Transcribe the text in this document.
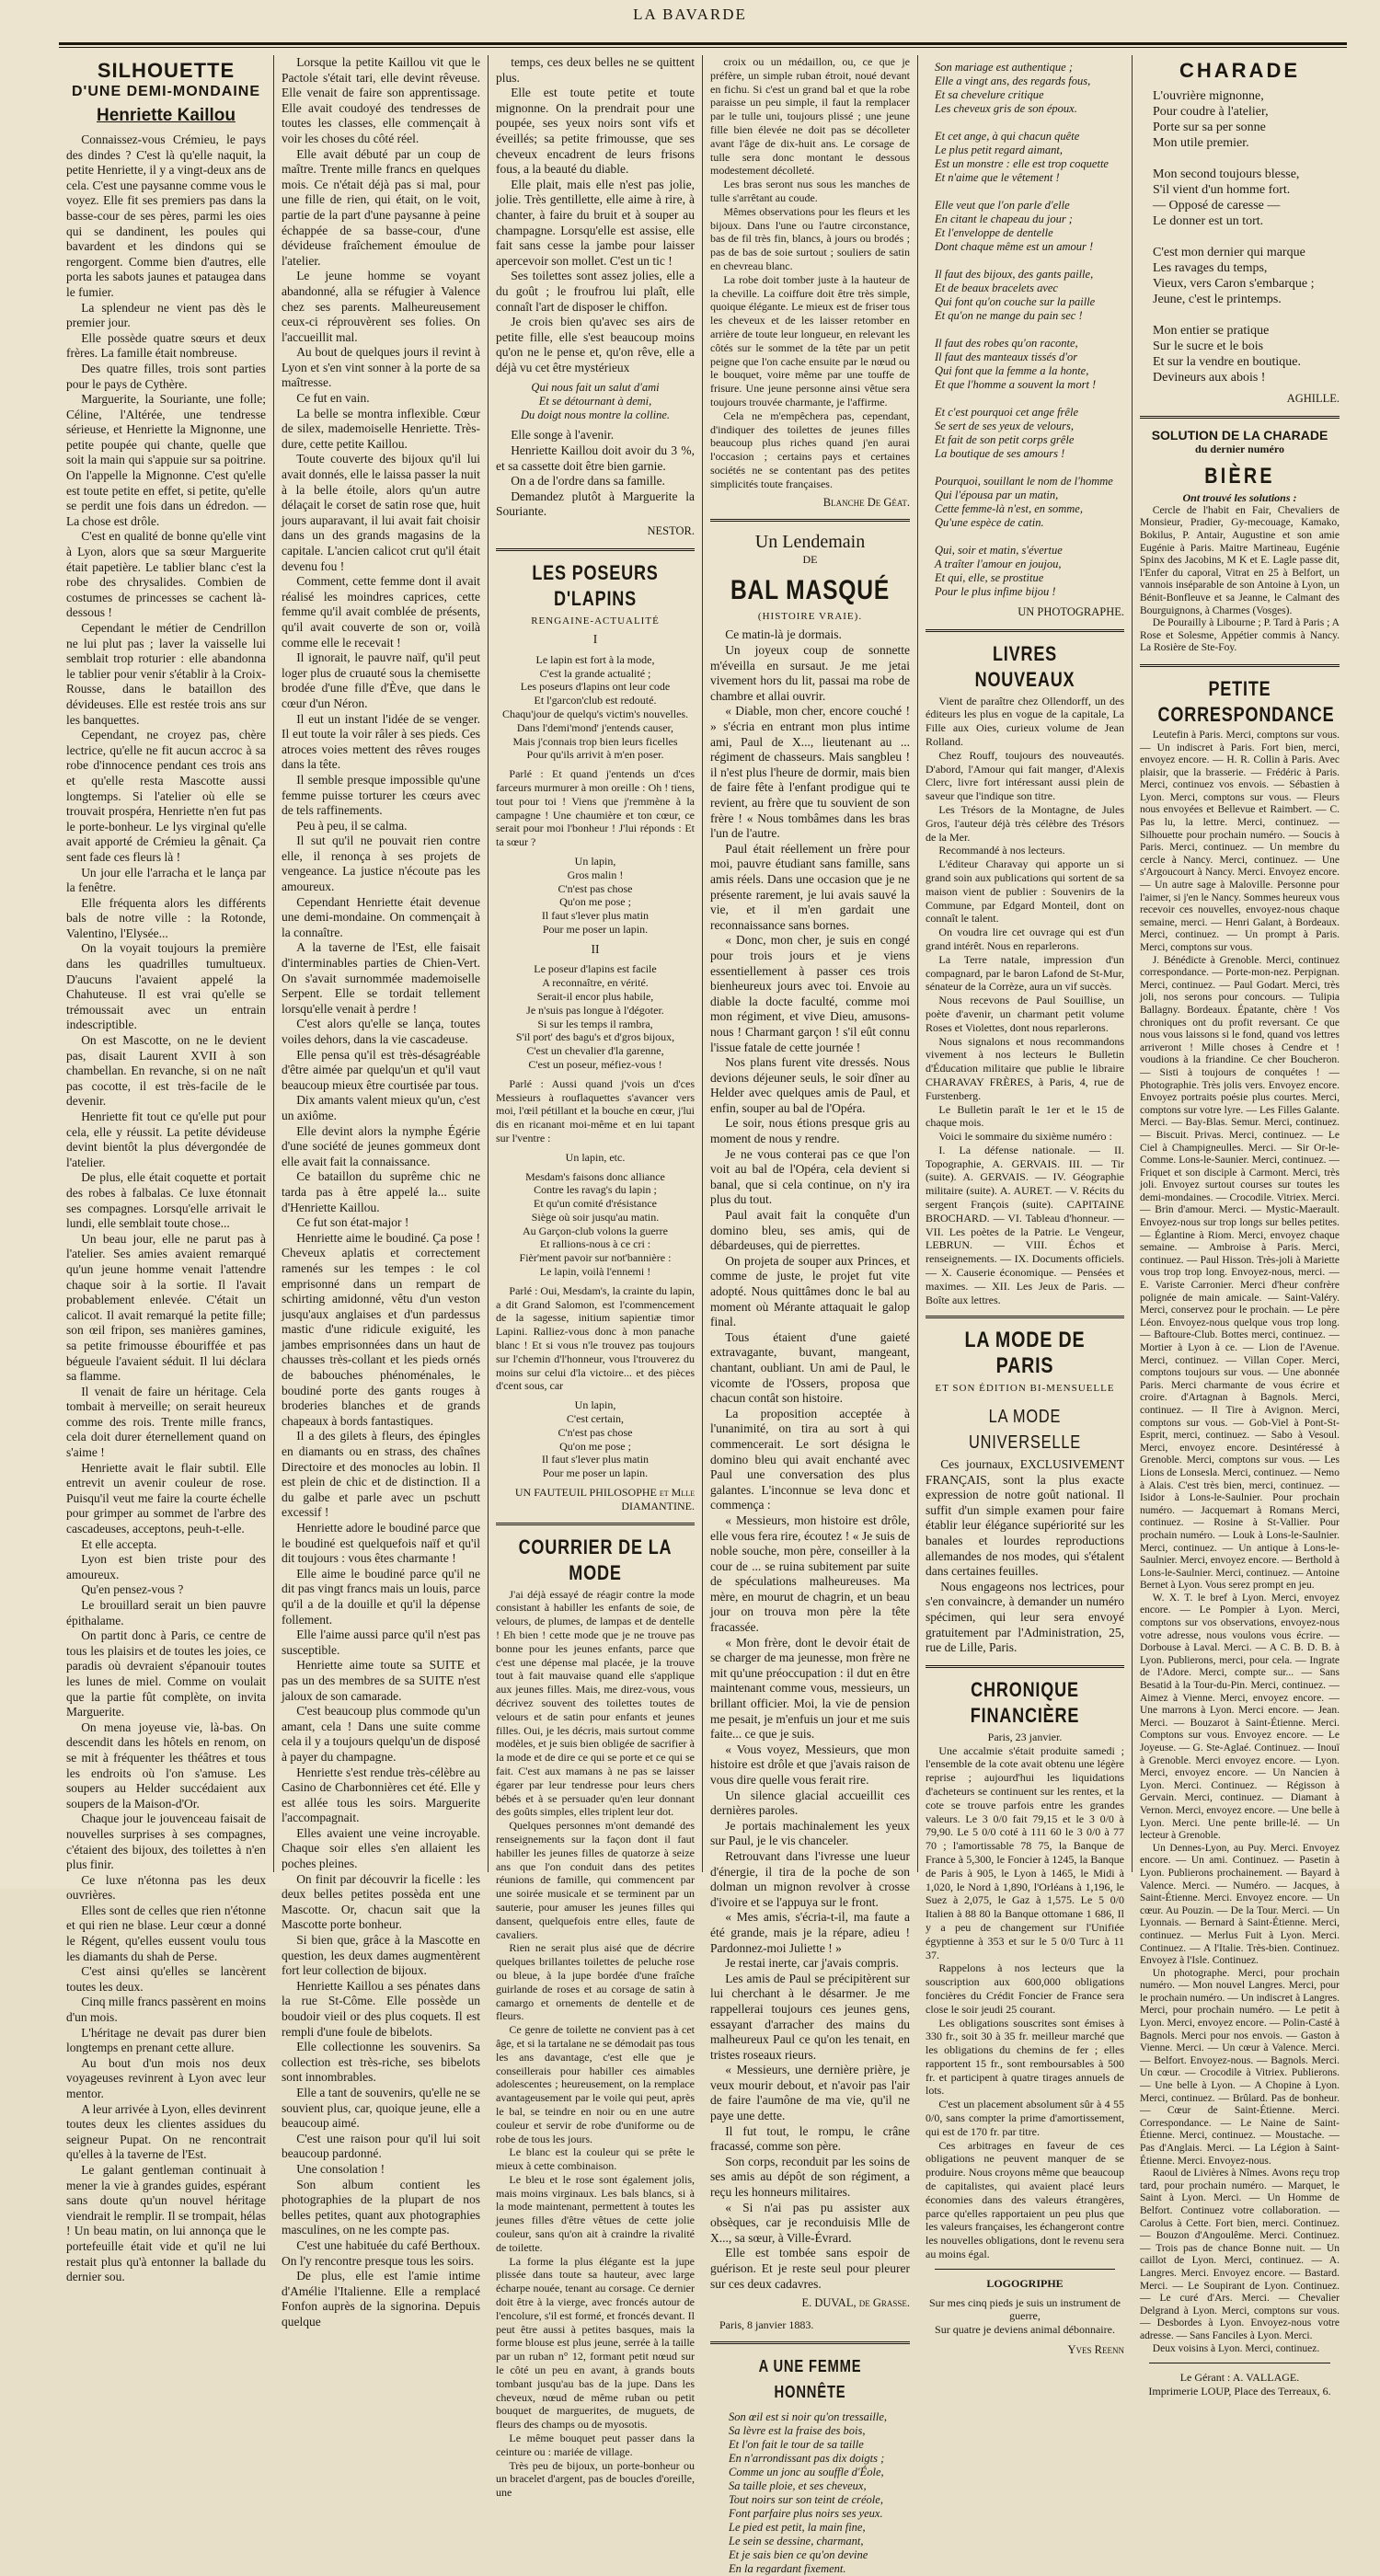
LA BAVARDE
SILHOUETTE
D'UNE DEMI-MONDAINE
Henriette Kaillou

Connaissez-vous Crémieu, le pays des dindes ? C'est là qu'elle naquit, la petite Henriette, il y a vingt-deux ans de cela. C'est une paysanne comme vous le voyez. Elle fit ses premiers pas dans la basse-cour de ses pères, parmi les oies qui se dandinent, les poules qui bavardent et les dindons qui se rengorgent. Comme bien d'autres, elle porta les sabots jaunes et pataugea dans le fumier.

La splendeur ne vient pas dès le premier jour.

Elle possède quatre sœurs et deux frères. La famille était nombreuse.

Des quatre filles, trois sont parties pour le pays de Cythère.

Marguerite, la Souriante, une folle; Céline, l'Altérée, une tendresse sérieuse, et Henriette la Mignonne, une petite poupée qui chante, quelle que soit la main qui s'appuie sur sa poitrine. On l'appelle la Mignonne. C'est qu'elle est toute petite en effet, si petite, qu'elle se perdit une fois dans un édredon. — La chose est drôle.

C'est en qualité de bonne qu'elle vint à Lyon, alors que sa sœur Marguerite était papetière. Le tablier blanc c'est la robe des chrysalides. Combien de costumes de princesses se cachent là-dessous !

Cependant le métier de Cendrillon ne lui plut pas ; laver la vaisselle lui semblait trop roturier : elle abandonna le tablier pour venir s'établir à la Croix-Rousse, dans le bataillon des dévideuses. Elle est restée trois ans sur les banquettes.

Cependant, ne croyez pas, chère lectrice, qu'elle ne fit aucun accroc à sa robe d'innocence pendant ces trois ans et qu'elle resta Mascotte aussi longtemps. Si l'atelier où elle se trouvait prospéra, Henriette n'en fut pas le porte-bonheur. Le lys virginal qu'elle avait apporté de Crémieu la gênait. Ça sent fade ces fleurs là !

Un jour elle l'arracha et le lança par la fenêtre.

Elle fréquenta alors les différents bals de notre ville : la Rotonde, Valentino, l'Elysée...

On la voyait toujours la première dans les quadrilles tumultueux. D'aucuns l'avaient appelé la Chahuteuse. Il est vrai qu'elle se trémoussait avec un entrain indescriptible.

On est Mascotte, on ne le devient pas, disait Laurent XVII à son chambellan. En revanche, si on ne naît pas cocotte, il est très-facile de le devenir.

Henriette fit tout ce qu'elle put pour cela, elle y réussit. La petite dévideuse devint bientôt la plus dévergondée de l'atelier.

De plus, elle était coquette et portait des robes à falbalas. Ce luxe étonnait ses compagnes. Lorsqu'elle arrivait le lundi, elle semblait toute chose...

Un beau jour, elle ne parut pas à l'atelier. Ses amies avaient remarqué qu'un jeune homme venait l'attendre chaque soir à la sortie. Il l'avait probablement enlevée. C'était un calicot. Il avait remarqué la petite fille; son œil fripon, ses manières gamines, sa petite frimousse ébouriffée et pas bégueule l'avaient séduit. Il lui déclara sa flamme.

Il venait de faire un héritage. Cela tombait à merveille; on serait heureux comme des rois. Trente mille francs, cela doit durer éternellement quand on s'aime !

Henriette avait le flair subtil. Elle entrevit un avenir couleur de rose. Puisqu'il veut me faire la courte échelle pour grimper au sommet de l'arbre des cascadeuses, acceptons, peuh-t-elle.

Et elle accepta.

Lyon est bien triste pour des amoureux.

Qu'en pensez-vous ?

Le brouillard serait un bien pauvre épithalame.

On partit donc à Paris, ce centre de tous les plaisirs et de toutes les joies, ce paradis où devraient s'épanouir toutes les lunes de miel. Comme on voulait que la partie fût complète, on invita Marguerite.

On mena joyeuse vie, là-bas. On descendit dans les hôtels en renom, on se mit à fréquenter les théâtres et tous les endroits où l'on s'amuse. Les soupers au Helder succédaient aux soupers de la Maison-d'Or.

Chaque jour le jouvenceau faisait de nouvelles surprises à ses compagnes, c'étaient des bijoux, des toilettes à n'en plus finir.

Ce luxe n'étonna pas les deux ouvrières.

Elles sont de celles que rien n'étonne et qui rien ne blase. Leur cœur a donné le Régent, qu'elles eussent voulu tous les diamants du shah de Perse.

C'est ainsi qu'elles se lancèrent toutes les deux.

Cinq mille francs passèrent en moins d'un mois.

L'héritage ne devait pas durer bien longtemps en prenant cette allure.

Au bout d'un mois nos deux voyageuses revinrent à Lyon avec leur mentor.

A leur arrivée à Lyon, elles devinrent toutes deux les clientes assidues du seigneur Pupat. On ne rencontrait qu'elles à la taverne de l'Est.

Le galant gentleman continuait à mener la vie à grandes guides, espérant sans doute qu'un nouvel héritage viendrait le remplir. Il se trompait, hélas ! Un beau matin, on lui annonça que le portefeuille était vide et qu'il ne lui restait plus qu'à entonner la ballade du dernier sou.

Lorsque la petite Kaillou vit que le Pactole s'était tari, elle devint rêveuse. Elle venait de faire son apprentissage. Elle avait coudoyé des tendresses de toutes les classes, elle commençait à voir les choses du côté réel.

Elle avait débuté par un coup de maître. Trente mille francs en quelques mois. Ce n'était déjà pas si mal, pour une fille de rien, qui était, on le voit, partie de la part d'une paysanne à peine échappée de sa basse-cour, d'une dévideuse fraîchement émoulue de l'atelier.

Le jeune homme se voyant abandonné, alla se réfugier à Valence chez ses parents. Malheureusement ceux-ci réprouvèrent ses folies. On l'accueillit mal.

Au bout de quelques jours il revint à Lyon et s'en vint sonner à la porte de sa maîtresse.

Ce fut en vain.

La belle se montra inflexible. Cœur de silex, mademoiselle Henriette. Très-dure, cette petite Kaillou.

Toute couverte des bijoux qu'il lui avait donnés, elle le laissa passer la nuit à la belle étoile, alors qu'un autre délaçait le corset de satin rose que, huit jours auparavant, il lui avait fait choisir dans un des grands magasins de la capitale. L'ancien calicot crut qu'il était devenu fou !

Comment, cette femme dont il avait réalisé les moindres caprices, cette femme qu'il avait comblée de présents, qu'il avait couverte de son or, voilà comme elle le recevait !

Il ignorait, le pauvre naïf, qu'il peut loger plus de cruauté sous la chemisette brodée d'une fille d'Ève, que dans le cœur d'un Néron.

Il eut un instant l'idée de se venger. Il eut toute la voir râler à ses pieds. Ces atroces voies mettent des rêves rouges dans la tête.

Il semble presque impossible qu'une femme puisse torturer les cœurs avec de tels raffinements.

Peu à peu, il se calma.

Il sut qu'il ne pouvait rien contre elle, il renonça à ses projets de vengeance. La justice n'écoute pas les amoureux.

Cependant Henriette était devenue une demi-mondaine. On commençait à la connaître.

A la taverne de l'Est, elle faisait d'interminables parties de Chien-Vert. On s'avait surnommée mademoiselle Serpent. Elle se tordait tellement lorsqu'elle venait à perdre !

C'est alors qu'elle se lança, toutes voiles dehors, dans la vie cascadeuse.

Elle pensa qu'il est très-désagréable d'être aimée par quelqu'un et qu'il vaut beaucoup mieux être courtisée par tous.

Dix amants valent mieux qu'un, c'est un axiôme.

Elle devint alors la nymphe Égérie d'une société de jeunes gommeux dont elle avait fait la connaissance.

Ce bataillon du suprême chic ne tarda pas à être appelé la... suite d'Henriette Kaillou.

Ce fut son état-major !

Henriette aime le boudiné. Ça pose ! Cheveux aplatis et correctement ramenés sur les tempes : le col emprisonné dans un rempart de schirting amidonné, vêtu d'un veston jusqu'aux anglaises et d'un pardessus mastic d'une ridicule exiguité, les jambes emprisonnées dans un haut de chausses très-collant et les pieds ornés de babouches phénoménales, le boudiné porte des gants rouges à broderies blanches et de grands chapeaux à bords fantastiques.

Il a des gilets à fleurs, des épingles en diamants ou en strass, des chaînes Directoire et des monocles au lobin. Il est plein de chic et de distinction. Il a du galbe et parle avec un pschutt excessif !

Henriette adore le boudiné parce que le boudiné est quelquefois naïf et qu'il dit toujours : vous êtes charmante !

Elle aime le boudiné parce qu'il ne dit pas vingt francs mais un louis, parce qu'il a de la douille et qu'il la dépense follement.

Elle l'aime aussi parce qu'il n'est pas susceptible.

Henriette aime toute sa SUITE et pas un des membres de sa SUITE n'est jaloux de son camarade.

C'est beaucoup plus commode qu'un amant, cela ! Dans une suite comme cela il y a toujours quelqu'un de disposé à payer du champagne.

Henriette s'est rendue très-célèbre au Casino de Charbonnières cet été. Elle y est allée tous les soirs. Marguerite l'accompagnait.

Elles avaient une veine incroyable. Chaque soir elles s'en allaient les poches pleines.

On finit par découvrir la ficelle : les deux belles petites possèda ent une Mascotte. Or, chacun sait que la Mascotte porte bonheur.

Si bien que, grâce à la Mascotte en question, les deux dames augmentèrent fort leur collection de bijoux.

Henriette Kaillou a ses pénates dans la rue St-Côme. Elle possède un boudoir vieil or des plus coquets. Il est rempli d'une foule de bibelots.

Elle collectionne les souvenirs. Sa collection est très-riche, ses bibelots sont innombrables.

Elle a tant de souvenirs, qu'elle ne se souvient plus, car, quoique jeune, elle a beaucoup aimé.

C'est une raison pour qu'il lui soit beaucoup pardonné.

Une consolation !

Son album contient les photographies de la plupart de nos belles petites, quant aux photographies masculines, on ne les compte pas.

C'est une habituée du café Berthoux. On l'y rencontre presque tous les soirs.

De plus, elle est l'amie intime d'Amélie l'Italienne. Elle a remplacé Fonfon auprès de la signorina. Depuis quelque

temps, ces deux belles ne se quittent plus.

Elle est toute petite et toute mignonne. On la prendrait pour une poupée, ses yeux noirs sont vifs et éveillés; sa petite frimousse, que ses cheveux encadrent de leurs frisons fous, a la beauté du diable.

Elle plait, mais elle n'est pas jolie, jolie. Très gentillette, elle aime à rire, à chanter, à faire du bruit et à souper au champagne. Lorsqu'elle est assise, elle fait sans cesse la jambe pour laisser apercevoir son mollet. C'est un tic !

Ses toilettes sont assez jolies, elle a du goût ; le froufrou lui plaît, elle connaît l'art de disposer le chiffon.

Je crois bien qu'avec ses airs de petite fille, elle s'est beaucoup moins qu'on ne le pense et, qu'on rêve, elle a déjà vu cet être mystérieux

Qui nous fait un salut d'ami
Et se détournant à demi,
Du doigt nous montre la colline.

Elle songe à l'avenir.

Henriette Kaillou doit avoir du 3 %, et sa cassette doit être bien garnie.

On a de l'ordre dans sa famille.

Demandez plutôt à Marguerite la Souriante.

NESTOR.
LES POSEURS D'LAPINS
RENGAINE-ACTUALITÉ
I
Le lapin est fort à la mode,
C'est la grande actualité ;
Les poseurs d'lapins ont leur code
Et l'garcon'club est redouté.
Chaqu'jour de quelqu's victim's nouvelles.
Dans l'demi'mond' j'entends causer,
Mais j'connais trop bien leurs ficelles
Pour qu'ils arrivit à m'en poser.

Parlé : Et quand j'entends un d'ces farceurs murmurer à mon oreille : Oh ! tiens, tout pour toi ! Viens que j'remmène à la campagne ! Une chaumière et ton cœur, ce serait pour moi l'bonheur ! J'lui réponds : Et ta sœur ?

Un lapin,
Gros malin !
C'n'est pas chose
Qu'on me pose ;
Il faut s'lever plus matin
Pour me poser un lapin.
II
Le poseur d'lapins est facile
A reconnaître, en vérité.
Serait-il encor plus habile,
Je n'suis pas longue à l'dégoter.
Si sur les temps il rambra,
S'il port' des bagu's et d'gros bijoux,
C'est un chevalier d'la garenne,
C'est un poseur, méfiez-vous !

Parlé : Aussi quand j'vois un d'ces Messieurs à rouflaquettes s'avancer vers moi, l'œil pétillant et la bouche en cœur, j'lui dis en ricanant moi-même et en lui tapant sur l'ventre :

Un lapin, etc.
Mesdam's faisons donc alliance
Contre les ravag's du lapin ;
Et qu'un comité d'résistance
Siège où soir jusqu'au matin.
Au Garçon-club volons la guerre
Et rallions-nous à ce cri :
Fièr'ment pavoir sur not'bannière :
Le lapin, voilà l'ennemi !

Parlé : Oui, Mesdam's, la crainte du lapin, a dit Grand Salomon, est l'commencement de la sagesse, initium sapientiæ timor Lapini. Ralliez-vous donc à mon panache blanc ! Et si vous n'le trouvez pas toujours sur l'chemin d'l'honneur, vous l'trouverez du moins sur celui d'la victoire... et des pièces d'cent sous, car

Un lapin,
C'est certain,
C'n'est pas chose
Qu'on me pose ;
Il faut s'lever plus matin
Pour me poser un lapin.
UN FAUTEUIL PHILOSOPHE et Mlle DIAMANTINE.
COURRIER DE LA MODE

J'ai déjà essayé de réagir contre la mode consistant à habiller les enfants de soie, de velours, de plumes, de lampas et de dentelle ! Eh bien ! cette mode que je ne trouve pas bonne pour les jeunes enfants, parce que c'est une dépense mal placée, je la trouve tout à fait mauvaise quand elle s'applique aux jeunes filles. Mais, me direz-vous, vous décrivez souvent des toilettes toutes de velours et de satin pour enfants et jeunes filles. Oui, je les décris, mais surtout comme modèles, et je suis bien obligée de sacrifier à la mode et de dire ce qui se porte et ce qui se fait. C'est aux mamans à ne pas se laisser égarer par leur tendresse pour leurs chers bébés et à se persuader qu'en leur donnant des goûts simples, elles triplent leur dot.

Quelques personnes m'ont demandé des renseignements sur la façon dont il faut habiller les jeunes filles de quatorze à seize ans que l'on conduit dans des petites réunions de famille, qui commencent par une soirée musicale et se terminent par un sauterie, pour amuser les jeunes filles qui dansent, quelquefois entre elles, faute de cavaliers.

Rien ne serait plus aisé que de décrire quelques brillantes toilettes de peluche rose ou bleue, à la jupe bordée d'une fraîche guirlande de roses et au corsage de satin à camargo et ornements de dentelle et de fleurs.

Ce genre de toilette ne convient pas à cet âge, et si la tartalane ne se démodait pas tous les ans davantage, c'est elle que je conseillerais pour habiller ces aimables adolescentes ; heureusement, on la remplace avantageusement par le voile qui peut, après le bal, se teindre en noir ou en une autre couleur et servir de robe d'uniforme ou de robe de tous les jours.

Le blanc est la couleur qui se prête le mieux à cette combinaison.

Le bleu et le rose sont également jolis, mais moins virginaux. Les bals blancs, si à la mode maintenant, permettent à toutes les jeunes filles d'être vêtues de cette jolie couleur, sans qu'on ait à craindre la rivalité de toilette.

La forme la plus élégante est la jupe plissée dans toute sa hauteur, avec large écharpe nouée, tenant au corsage. Ce dernier doit être à la vierge, avec froncés autour de l'encolure, s'il est formé, et froncés devant. Il peut être aussi à petites basques, mais la forme blouse est plus jeune, serrée à la taille par un ruban n° 12, formant petit nœud sur le côté un peu en avant, à grands bouts tombant jusqu'au bas de la jupe. Dans les cheveux, nœud de même ruban ou petit bouquet de marguerites, de muguets, de fleurs des champs ou de myosotis.

Le même bouquet peut passer dans la ceinture ou : mariée de village.

Très peu de bijoux, un porte-bonheur ou un bracelet d'argent, pas de boucles d'oreille, une

croix ou un médaillon, ou, ce que je préfère, un simple ruban étroit, noué devant en fichu. Si c'est un grand bal et que la robe paraisse un peu simple, il faut la remplacer par le tulle uni, toujours plissé ; une jeune fille bien élevée ne doit pas se décolleter avant l'âge de dix-huit ans. Le corsage de tulle sera donc montant le dessous modestement décolleté.

Les bras seront nus sous les manches de tulle s'arrêtant au coude.

Mêmes observations pour les fleurs et les bijoux. Dans l'une ou l'autre circonstance, bas de fil très fin, blancs, à jours ou brodés ; pas de bas de soie surtout ; souliers de satin en chevreau blanc.

La robe doit tomber juste à la hauteur de la cheville. La coiffure doit être très simple, quoique élégante. Le mieux est de friser tous les cheveux et de les laisser retomber en arrière de toute leur longueur, en relevant les côtés sur le sommet de la tête par un petit peigne que l'on cache ensuite par le nœud ou le bouquet, voire même par une touffe de frisure. Une jeune personne ainsi vêtue sera toujours trouvée charmante, je l'affirme.

Cela ne m'empêchera pas, cependant, d'indiquer des toilettes de jeunes filles beaucoup plus riches quand j'en aurai l'occasion ; certains pays et certaines sociétés ne se contentant pas des petites simplicités toute françaises.

Blanche De Géat.
Un Lendemain
DE
BAL MASQUÉ
(HISTOIRE VRAIE).

Ce matin-là je dormais.

Un joyeux coup de sonnette m'éveilla en sursaut. Je me jetai vivement hors du lit, passai ma robe de chambre et allai ouvrir.

« Diable, mon cher, encore couché ! » s'écria en entrant mon plus intime ami, Paul de X..., lieutenant au ... régiment de chasseurs. Mais sangbleu ! il n'est plus l'heure de dormir, mais bien de faire fête à l'enfant prodigue qui te revient, au frère que tu souvient de son frère ! « Nous tombâmes dans les bras l'un de l'autre.

Paul était réellement un frère pour moi, pauvre étudiant sans famille, sans amis réels. Dans une occasion que je ne présente rarement, je lui avais sauvé la vie, et il m'en gardait une reconnaissance sans bornes.

« Donc, mon cher, je suis en congé pour trois jours et je viens essentiellement à passer ces trois bienheureux jours avec toi. Envoie au diable la docte faculté, comme moi mon régiment, et vive Dieu, amusons-nous ! Charmant garçon ! s'il eût connu l'issue fatale de cette journée !

Nos plans furent vite dressés. Nous devions déjeuner seuls, le soir dîner au Helder avec quelques amis de Paul, et enfin, souper au bal de l'Opéra.

Le soir, nous étions presque gris au moment de nous y rendre.

Je ne vous conterai pas ce que l'on voit au bal de l'Opéra, cela devient si banal, que si cela continue, on n'y ira plus du tout.

Paul avait fait la conquête d'un domino bleu, ses amis, qui de débardeuses, qui de pierrettes.

On projeta de souper aux Princes, et comme de juste, le projet fut vite adopté. Nous quittâmes donc le bal au moment où Mérante attaquait le galop final.

Tous étaient d'une gaieté extravagante, buvant, mangeant, chantant, oubliant. Un ami de Paul, le vicomte de l'Ossers, proposa que chacun contât son histoire.

La proposition acceptée à l'unanimité, on tira au sort à qui commencerait. Le sort désigna le domino bleu qui avait enchanté avec Paul une conversation des plus galantes. L'inconnue se leva donc et commença :

« Messieurs, mon histoire est drôle, elle vous fera rire, écoutez ! « Je suis de noble souche, mon père, conseiller à la cour de ... se ruina subitement par suite de spéculations malheureuses. Ma mère, en mourut de chagrin, et un beau jour on trouva mon père la tête fracassée.

« Mon frère, dont le devoir était de se charger de ma jeunesse, mon frère ne mit qu'une préoccupation : il dut en être maintenant comme vous, messieurs, un brillant officier. Moi, la vie de pension me pesait, je m'enfuis un jour et me suis faite... ce que je suis.

« Vous voyez, Messieurs, que mon histoire est drôle et que j'avais raison de vous dire quelle vous ferait rire.

Un silence glacial accueillit ces dernières paroles.

Je portais machinalement les yeux sur Paul, je le vis chanceler.

Retrouvant dans l'ivresse une lueur d'énergie, il tira de la poche de son dolman un mignon revolver à crosse d'ivoire et se l'appuya sur le front.

« Mes amis, s'écria-t-il, ma faute a été grande, mais je la répare, adieu ! Pardonnez-moi Juliette ! »

Je restai inerte, car j'avais compris.

Les amis de Paul se précipitèrent sur lui cherchant à le désarmer. Je me rappellerai toujours ces jeunes gens, essayant d'arracher des mains du malheureux Paul ce qu'on les tenait, en tristes roseaux rieurs.

« Messieurs, une dernière prière, je veux mourir debout, et n'avoir pas l'air de faire l'aumône de ma vie, qu'il ne paye une dette.

Il fut tout, le rompu, le crâne fracassé, comme son père.

Son corps, reconduit par les soins de ses amis au dépôt de son régiment, a reçu les honneurs militaires.

« Si n'ai pas pu assister aux obsèques, car je reconduisis Mlle de X..., sa sœur, à Ville-Évrard.

Elle est tombée sans espoir de guérison. Et je reste seul pour pleurer sur ces deux cadavres.

E. DUVAL, de Grasse.
Paris, 8 janvier 1883.
A UNE FEMME HONNÊTE
Son œil est si noir qu'on tressaille,
Sa lèvre est la fraise des bois,
Et l'on fait le tour de sa taille
En n'arrondissant pas dix doigts ;
Comme un jonc au souffle d'Éole,
Sa taille ploie, et ses cheveux,
Tout noirs sur son teint de créole,
Font parfaire plus noirs ses yeux.
Le pied est petit, la main fine,
Le sein se dessine, charmant,
Et je sais bien ce qu'on devine
En la regardant fixement.
Son mariage est authentique ;
Elle a vingt ans, des regards fous,
Et sa chevelure critique
Les cheveux gris de son époux.

Et cet ange, à qui chacun quête
Le plus petit regard aimant,
Est un monstre : elle est trop coquette
Et n'aime que le vêtement !

Elle veut que l'on parle d'elle
En citant le chapeau du jour ;
Et l'enveloppe de dentelle
Dont chaque même est un amour !

Il faut des bijoux, des gants paille,
Et de beaux bracelets avec
Qui font qu'on couche sur la paille
Et qu'on ne mange du pain sec !

Il faut des robes qu'on raconte,
Il faut des manteaux tissés d'or
Qui font que la femme a la honte,
Et que l'homme a souvent la mort !

Et c'est pourquoi cet ange frêle
Se sert de ses yeux de velours,
Et fait de son petit corps grêle
La boutique de ses amours !

Pourquoi, souillant le nom de l'homme
Qui l'épousa par un matin,
Cette femme-là n'est, en somme,
Qu'une espèce de catin.

Qui, soir et matin, s'évertue
A traîter l'amour en joujou,
Et qui, elle, se prostitue
Pour le plus infime bijou !
UN PHOTOGRAPHE.
LIVRES NOUVEAUX

Vient de paraître chez Ollendorff, un des éditeurs les plus en vogue de la capitale, La Fille aux Oies, curieux volume de Jean Rolland.

Chez Rouff, toujours des nouveautés. D'abord, l'Amour qui fait manger, d'Alexis Clerc, livre fort intéressant aussi plein de saveur que l'indique son titre.

Les Trésors de la Montagne, de Jules Gros, l'auteur déjà très célèbre des Trésors de la Mer.

Recommandé à nos lecteurs.

L'éditeur Charavay qui apporte un si grand soin aux publications qui sortent de sa maison vient de publier : Souvenirs de la Commune, par Edgard Monteil, dont on connaît le talent.

On voudra lire cet ouvrage qui est d'un grand intérêt. Nous en reparlerons.

La Terre natale, impression d'un compagnard, par le baron Lafond de St-Mur, sénateur de la Corrèze, aura un vif succès.

Nous recevons de Paul Souillise, un poète d'avenir, un charmant petit volume Roses et Violettes, dont nous reparlerons.

Nous signalons et nous recommandons vivement à nos lecteurs le Bulletin d'Éducation militaire que publie le libraire CHARAVAY FRÈRES, à Paris, 4, rue de Furstenberg.

Le Bulletin paraît le 1er et le 15 de chaque mois.

Voici le sommaire du sixième numéro :

I. La défense nationale. — II. Topographie, A. GERVAIS. III. — Tir (suite). A. GERVAIS. — IV. Géographie militaire (suite). A. AURET. — V. Récits du sergent François (suite). CAPITAINE BROCHARD. — VI. Tableau d'honneur. — VII. Les poètes de la Patrie. Le Vengeur, LEBRUN. — VIII. Échos et renseignements. — IX. Documents officiels. — X. Causerie économique. — Pensées et maximes. — XII. Les Jeux de Paris. — Boîte aux lettres.

LA MODE DE PARIS
ET SON ÉDITION BI-MENSUELLE
LA MODE UNIVERSELLE

Ces journaux, EXCLUSIVEMENT FRANÇAIS, sont la plus exacte expression de notre goût national. Il suffit d'un simple examen pour faire établir leur élégance supériorité sur les banales et lourdes reproductions allemandes de nos modes, qui s'étalent dans certaines feuilles.

Nous engageons nos lectrices, pour s'en convaincre, à demander un numéro spécimen, qui leur sera envoyé gratuitement par l'Administration, 25, rue de Lille, Paris.

CHRONIQUE FINANCIÈRE
Paris, 23 janvier.

Une accalmie s'était produite samedi ; l'ensemble de la cote avait obtenu une légère reprise ; aujourd'hui les liquidations d'acheteurs se continuent sur les rentes, et la cote se trouve parfois entre les grandes valeurs. Le 3 0/0 fait 79,15 et le 3 0/0 à 79,90. Le 5 0/0 coté à 111 60 le 3 0/0 à 77 70 ; l'amortissable 78 75, la Banque de France à 5,300, le Foncier à 1245, la Banque de Paris à 905, le Lyon à 1465, le Midi à 1,020, le Nord à 1,890, l'Orléans à 1,196, le Suez à 2,075, le Gaz à 1,575. Le 5 0/0 Italien à 88 80 la Banque ottomane 1 686, Il y a peu de changement sur l'Unifiée égyptienne à 353 et sur le 5 0/0 Turc à 11 37.

Rappelons à nos lecteurs que la souscription aux 600,000 obligations foncières du Crédit Foncier de France sera close le soir jeudi 25 courant.

Les obligations souscrites sont émises à 330 fr., soit 30 à 35 fr. meilleur marché que les obligations du chemins de fer ; elles rapportent 15 fr., sont remboursables à 500 fr. et participent à quatre tirages annuels de lots.

C'est un placement absolument sûr à 4 55 0/0, sans compter la prime d'amortissement, qui est de 170 fr. par titre.

Ces arbitrages en faveur de ces obligations ne peuvent manquer de se produire. Nous croyons même que beaucoup de capitalistes, qui avaient placé leurs économies dans des valeurs étrangères, parce qu'elles rapportaient un peu plus que les valeurs françaises, les échangeront contre les nouvelles obligations, dont le revenu sera au moins égal.

LOGOGRIPHE
Sur mes cinq pieds je suis un instrument de guerre,
Sur quatre je deviens animal débonnaire.
Yves Reenn
CHARADE
L'ouvrière mignonne,
Pour coudre à l'atelier,
Porte sur sa per sonne
Mon utile premier.

Mon second toujours blesse,
S'il vient d'un homme fort.
— Opposé de caresse —
Le donner est un tort.

C'est mon dernier qui marque
Les ravages du temps,
Vieux, vers Caron s'embarque ;
Jeune, c'est le printemps.

Mon entier se pratique
Sur le sucre et le bois
Et sur la vendre en boutique.
Devineurs aux abois !
AGHILLE.
SOLUTION DE LA CHARADE
du dernier numéro
BIÈRE
Ont trouvé les solutions :

Cercle de l'habit en Fair, Chevaliers de Monsieur, Pradier, Gy-mecouage, Kamako, Bokilus, P. Antair, Augustine et son amie Eugénie à Paris. Maitre Martineau, Eugénie Spinx des Jacobins, M K et E. Lagle passe dit, l'Enfer du caporal, Vitrat en 25 à Belfort, un vannois inséparable de son Antoine à Lyon, un Bénit-Bonfleuve et sa Jeanne, le Calmant des Bourguignons, à Charmes (Vosges).

De Pourailly à Libourne ; P. Tard à Paris ; A Rose et Solesme, Appétier commis à Nancy. La Rosière de Ste-Foy.

PETITE CORRESPONDANCE

Leutefin à Paris. Merci, comptons sur vous. — Un indiscret à Paris. Fort bien, merci, envoyez encore. — H. R. Collin à Paris. Avec plaisir, que la brasserie. — Frédéric à Paris. Merci, continuez vos envois. — Sébastien à Lyon. Merci, comptons sur vous. — Fleurs nous envoyées et Bellevue et Raimbert. — C. Pas lu, la lettre. Merci, continuez. — Silhouette pour prochain numéro. — Soucis à Paris. Merci, continuez. — Un membre du cercle à Nancy. Merci, continuez. — Une s'Argoucourt à Nancy. Merci. Envoyez encore. — Un autre sage à Maloville. Personne pour l'aimer, si j'en le Nancy. Sommes heureux vous recevoir ces nouvelles, envoyez-nous chaque semaine, merci. — Henri Galant, à Bordeaux. Merci, continuez. — Un prompt à Paris. Merci, comptons sur vous.

J. Bénédicte à Grenoble. Merci, continuez correspondance. — Porte-mon-nez. Perpignan. Merci, continuez. — Paul Godart. Merci, très joli, nos serons pour concours. — Tulipia Ballagny. Bordeaux. Épatante, chère ! Vos chroniques ont du profit reversant. Ce que nous vous laissons si le fond, quand vos lettres arriveront ! Mille choses à Cendre et ! voudions à la friandine. Ce cher Boucheron. — Sisti à toujours de conquétes ! — Photographie. Très jolis vers. Envoyez encore. Envoyez portraits poésie plus courtes. Merci, comptons sur votre lyre. — Les Filles Galante. Merci. — Bay-Blas. Semur. Merci, continuez. — Biscuit. Privas. Merci, continuez. — Le Ciel à Champigneulles. Merci. — Sir Or-le-Comme. Lons-le-Saunier. Merci, continuez. — Friquet et son disciple à Carmont. Merci, très joli. Envoyez surtout courses sur toutes les demi-mondaines. — Crocodile. Vitriex. Merci. — Brin d'amour. Merci. — Mystic-Maerault. Envoyez-nous sur trop longs sur belles petites. — Églantine à Riom. Merci, envoyez chaque semaine. — Ambroise à Paris. Merci, continuez. — Paul Hisson. Très-joli à Mariette vous trop trop long. Envoyez-nous, merci. — E. Variste Carronier. Merci d'heur confrère polignée de main amicale. — Saint-Valéry. Merci, conservez pour le prochain. — Le père Léon. Envoyez-nous quelque vous trop long. — Baftoure-Club. Bottes merci, continuez. — Mortier à Lyon à ce. — Lion de l'Avenue. Merci, continuez. — Villan Coper. Merci, comptons toujours sur vous. — Une abonnée Paris. Merci charmante de vous écrire et croire. d'Artagnan à Bagnols. Merci, continuez. — Il Tire à Avignon. Merci, comptons sur vous. — Gob-Viel à Pont-St-Esprit, merci, continuez. — Sabo à Vesoul. Merci, envoyez encore. Desintéressé à Grenoble. Merci, comptons sur vous. — Les Lions de Lonsesla. Merci, continuez. — Nemo à Alais. C'est très bien, merci, continuez. — Isidor à Lons-le-Saulnier. Pour prochain numéro. — Jacquemart à Romans Merci, continuez. — Rosine à St-Vallier. Pour prochain numéro. — Louk à Lons-le-Saulnier. Merci, continuez. — Un antique à Lons-le-Saulnier. Merci, envoyez encore. — Berthold à Lons-le-Saulnier. Merci, continuez. — Antoine Bernet à Lyon. Vous serez prompt en jeu.

W. X. T. le bref à Lyon. Merci, envoyez encore. — Le Pompier à Lyon. Merci, comptons sur vos observations, envoyez-nous votre adresse, nous voulons vous écrire. — Dorbouse à Laval. Merci. — A C. B. D. B. à Lyon. Publierons, merci, pour cela. — Ingrate de l'Adore. Merci, compte sur... — Sans Besatid à la Tour-du-Pin. Merci, continuez. — Aimez à Vienne. Merci, envoyez encore. — Une marrons à Lyon. Merci encore. — Jean. Merci. — Bouzarot à Saint-Étienne. Merci. Comptons sur vous. Envoyez encore. — Le Joyeuse. — G. Ste-Aglaé. Continuez. — Inouï à Grenoble. Merci envoyez encore. — Lyon. Merci, envoyez encore. — Un Nancien à Lyon. Merci. Continuez. — Régisson à Gervain. Merci, continuez. — Diamant à Vernon. Merci, envoyez encore. — Une belle à Lyon. Merci. Une pente brille-lé. — Un lecteur à Grenoble.

Un Dennes-Lyon, au Puy. Merci. Envoyez encore. — Un ami. Continuez. — Pasetin à Lyon. Publierons prochainement. — Bayard à Valence. Merci. — Numéro. — Jacques, à Saint-Étienne. Merci. Envoyez encore. — Un cœur. Au Pouzin. — De la Tour. Merci. — Un Lyonnais. — Bernard à Saint-Étienne. Merci, continuez. — Merlus Fuit à Lyon. Merci. Continuez. — A l'Italie. Très-bien. Continuez. Envoyez à l'Isle. Continuez.

Un photographe. Merci, pour prochain numéro. — Mon nouvel Langres. Merci, pour le prochain numéro. — Un indiscret à Langres. Merci, pour prochain numéro. — Le petit à Lyon. Merci, envoyez encore. — Polin-Casté à Bagnols. Merci pour nos envois. — Gaston à Vienne. Merci. — Un cœur à Valence. Merci. — Belfort. Envoyez-nous. — Bagnols. Merci. Un cœur. — Crocodile à Vitriex. Publierons. — Une belle à Lyon. — A Chopine à Lyon. Merci, continuez. — Brûlard. Pas de bonheur. — Cœur de Saint-Étienne. Merci. Correspondance. — Le Naine de Saint-Étienne. Merci, continuez. — Moustache. — Pas d'Anglais. Merci. — La Légion à Saint-Étienne. Merci. Envoyez-nous.

Raoul de Livières à Nîmes. Avons reçu trop tard, pour prochain numéro. — Marquet, le Saint à Lyon. Merci. — Un Homme de Belfort. Continuez votre collaboration. — Carolus à Cette. Fort bien, merci. Continuez. — Bouzon d'Angoulême. Merci. Continuez. — Trois pas de chance Bonne nuit. — Un caillot de Lyon. Merci, continuez. — A. Langres. Merci. Envoyez encore. — Bastard. Merci. — Le Soupirant de Lyon. Continuez. — Le curé d'Ars. Merci. — Chevalier Delgrand à Lyon. Merci, comptons sur vous. — Desbordes à Lyon. Envoyez-nous votre adresse. — Sans Fanciles à Lyon. Merci.

Deux voisins à Lyon. Merci, continuez.

Le Gérant : A. VALLAGE.
Imprimerie LOUP, Place des Terreaux, 6.
